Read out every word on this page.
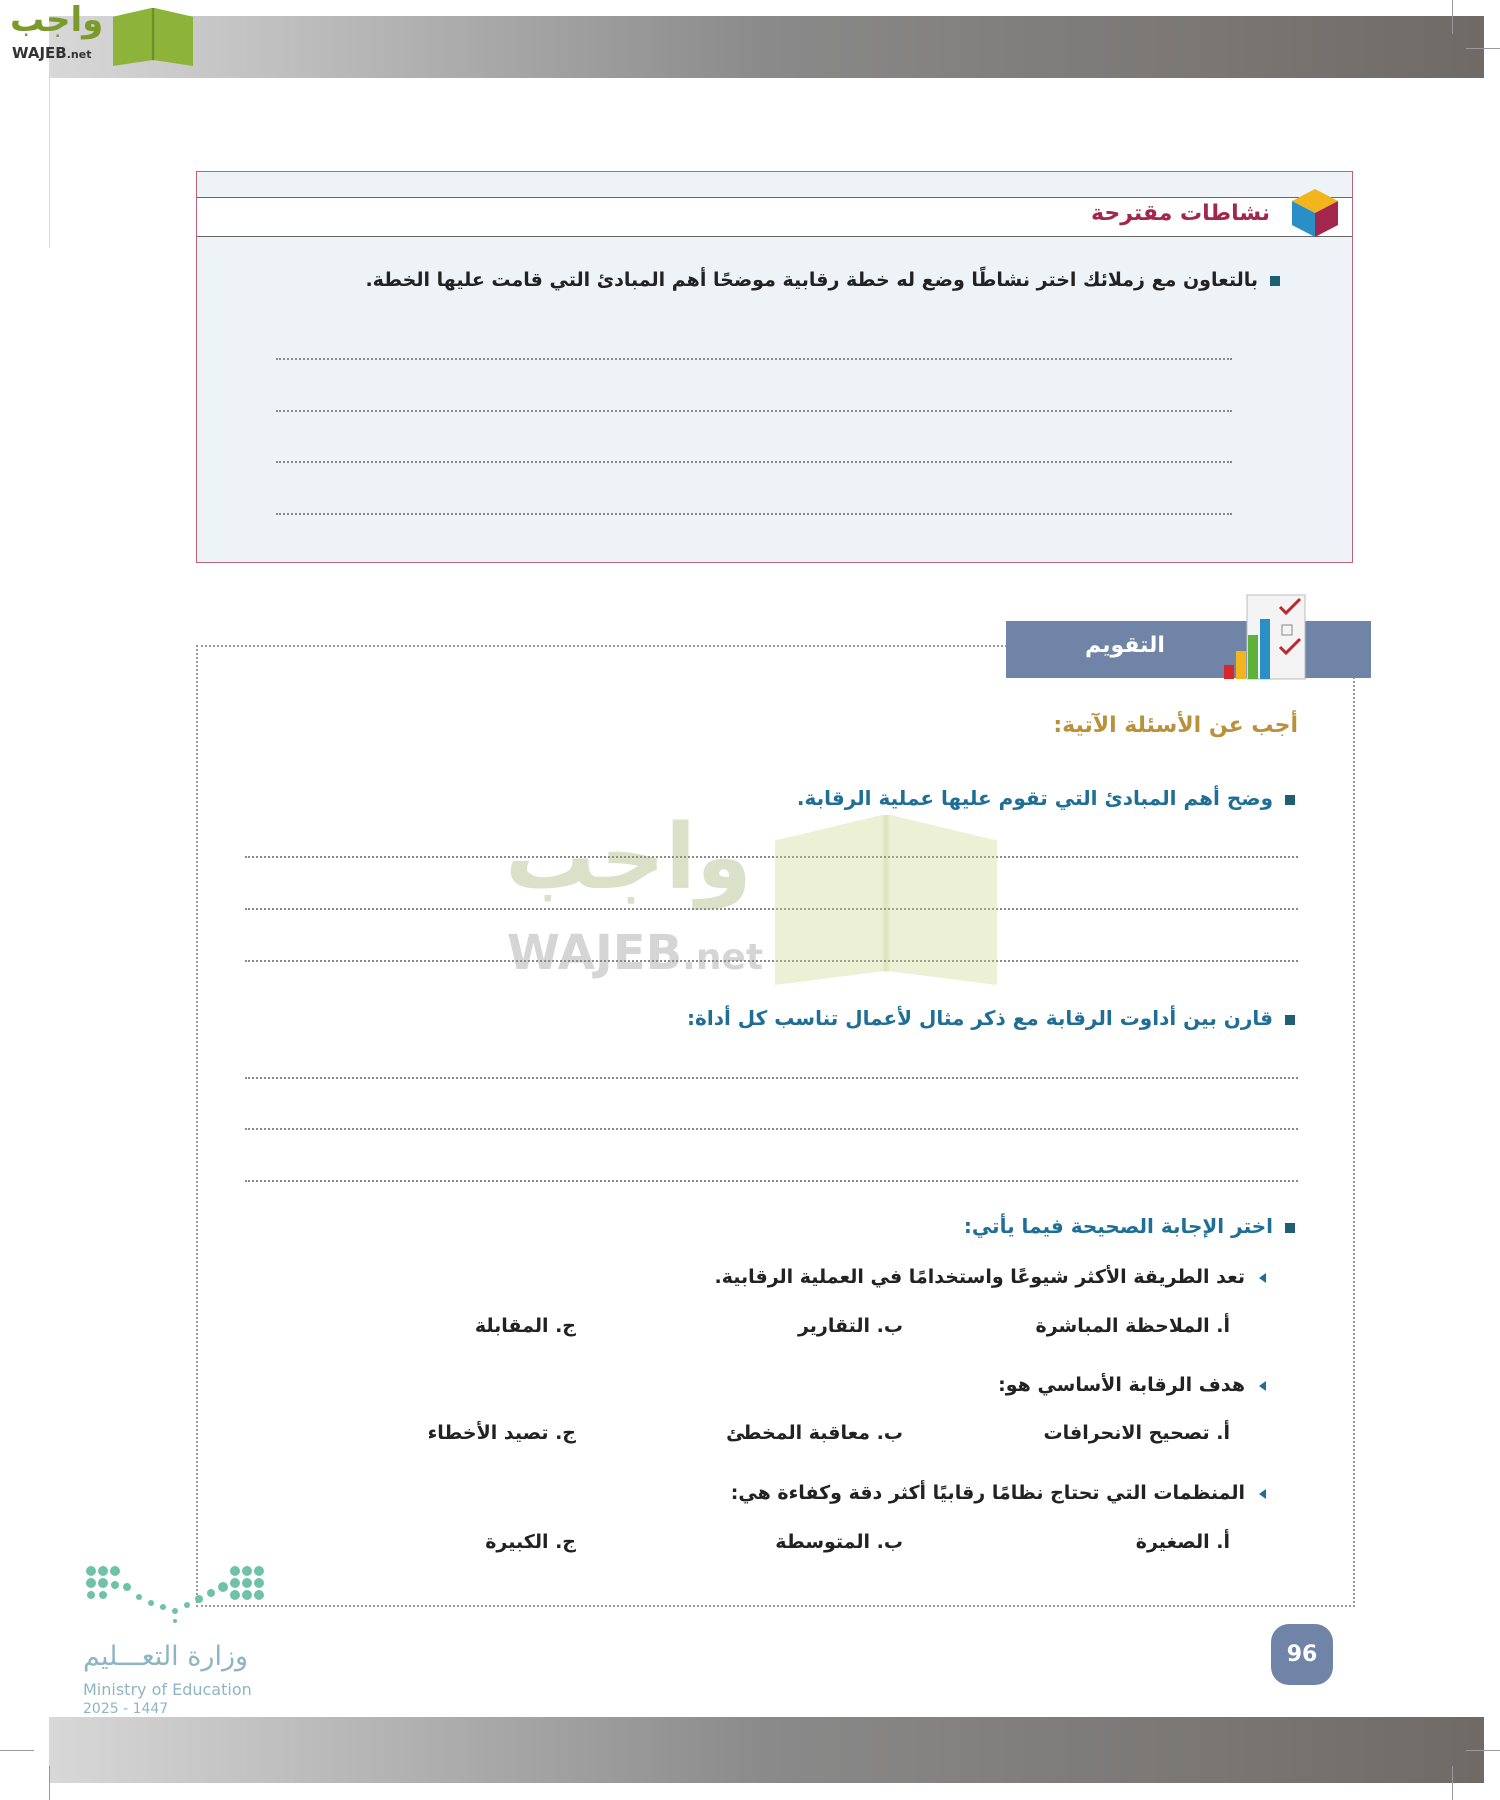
واجب
WAJEB.net
نشاطات مقترحة
بالتعاون مع زملائك اختر نشاطًا وضع له خطة رقابية موضحًا أهم المبادئ التي قامت عليها الخطة.
التقويم
أجب عن الأسئلة الآتية:
وضح أهم المبادئ التي تقوم عليها عملية الرقابة.
واجب
WAJEB.net
قارن بين أداوت الرقابة مع ذكر مثال لأعمال تناسب كل أداة:
اختر الإجابة الصحيحة فيما يأتي:
تعد الطريقة الأكثر شيوعًا واستخدامًا في العملية الرقابية.
أ. الملاحظة المباشرة
ب. التقارير
ج. المقابلة
هدف الرقابة الأساسي هو:
أ. تصحيح الانحرافات
ب. معاقبة المخطئ
ج. تصيد الأخطاء
المنظمات التي تحتاج نظامًا رقابيًا أكثر دقة وكفاءة هي:
أ. الصغيرة
ب. المتوسطة
ج. الكبيرة
96
وزارة التعـــليم
Ministry of Education
2025 - 1447
